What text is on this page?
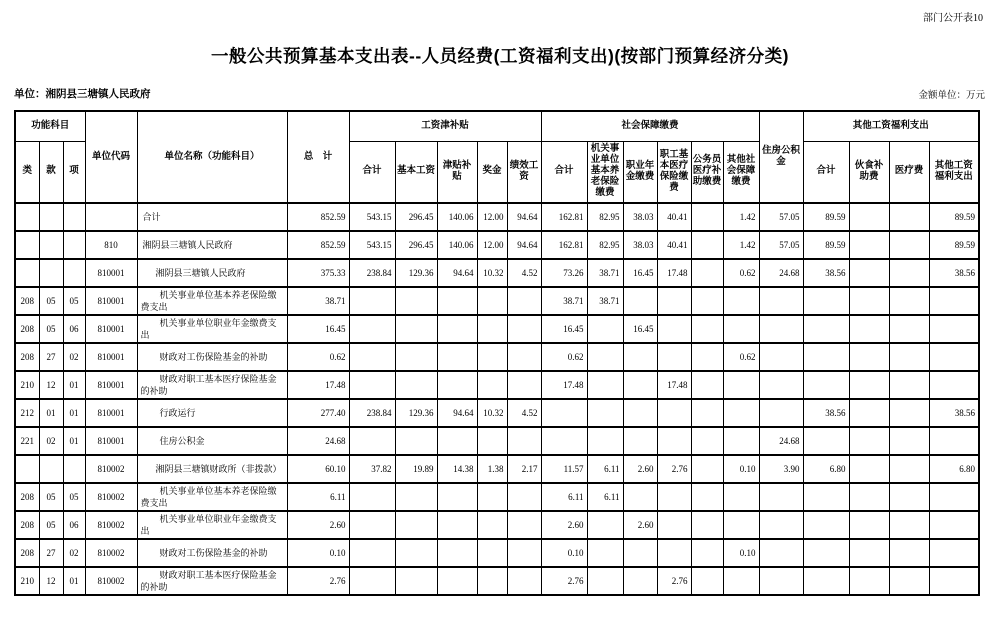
部门公开表10
一般公共预算基本支出表--人员经费(工资福利支出)(按部门预算经济分类)
单位：湘阴县三塘镇人民政府	金额单位：万元
功能科目			单位代码	单位名称（功能科目）	总　计	工资津补贴					社会保障缴费						住房公积金	其他工资福利支出			
类	款	项				合计	基本工资	津贴补贴	奖金	绩效工资	合计	机关事业单位基本养老保险缴费	职业年金缴费	职工基本医疗保险缴费	公务员医疗补助缴费	其他社会保障缴费		合计	伙食补助费	医疗费	其他工资福利支出
				合计	852.59	543.15	296.45	140.06	12.00	94.64	162.81	82.95	38.03	40.41		1.42	57.05	89.59			89.59
			810	湘阴县三塘镇人民政府	852.59	543.15	296.45	140.06	12.00	94.64	162.81	82.95	38.03	40.41		1.42	57.05	89.59			89.59
			810001	湘阴县三塘镇人民政府	375.33	238.84	129.36	94.64	10.32	4.52	73.26	38.71	16.45	17.48		0.62	24.68	38.56			38.56
208	05	05	810001	机关事业单位基本养老保险缴费支出	38.71						38.71	38.71									
208	05	06	810001	机关事业单位职业年金缴费支出	16.45						16.45		16.45								
208	27	02	810001	财政对工伤保险基金的补助	0.62						0.62					0.62					
210	12	01	810001	财政对职工基本医疗保险基金的补助	17.48						17.48			17.48							
212	01	01	810001	行政运行	277.40	238.84	129.36	94.64	10.32	4.52								38.56			38.56
221	02	01	810001	住房公积金	24.68												24.68				
			810002	湘阴县三塘镇财政所（非拨款）	60.10	37.82	19.89	14.38	1.38	2.17	11.57	6.11	2.60	2.76		0.10	3.90	6.80			6.80
208	05	05	810002	机关事业单位基本养老保险缴费支出	6.11						6.11	6.11									
208	05	06	810002	机关事业单位职业年金缴费支出	2.60						2.60		2.60								
208	27	02	810002	财政对工伤保险基金的补助	0.10						0.10					0.10					
210	12	01	810002	财政对职工基本医疗保险基金的补助	2.76						2.76			2.76							
